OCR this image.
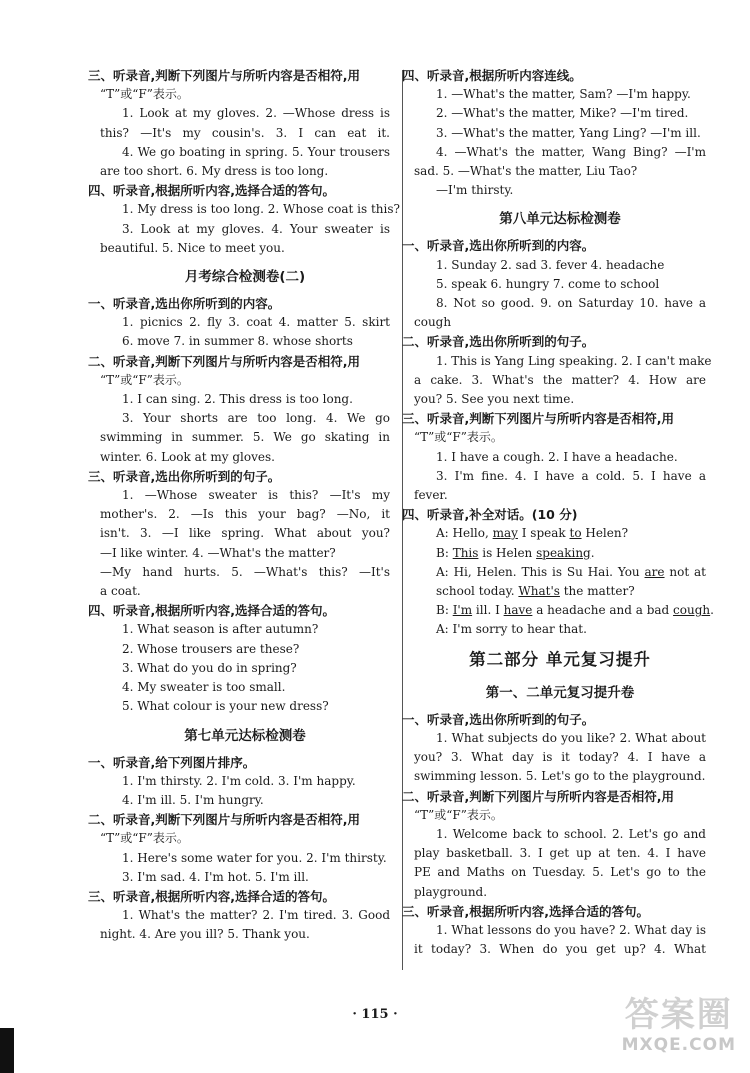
三、听录音,判断下列图片与所听内容是否相符,用
“T”或“F”表示。
1. Look at my gloves. 2. —Whose dress is
this? —It's my cousin's. 3. I can eat it.
4. We go boating in spring. 5. Your trousers
are too short. 6. My dress is too long.
四、听录音,根据所听内容,选择合适的答句。
1. My dress is too long. 2. Whose coat is this?
3. Look at my gloves. 4. Your sweater is
beautiful. 5. Nice to meet you.
月考综合检测卷(二)
一、听录音,选出你所听到的内容。
1. picnics 2. fly 3. coat 4. matter 5. skirt
6. move 7. in summer 8. whose shorts
二、听录音,判断下列图片与所听内容是否相符,用
“T”或“F”表示。
1. I can sing. 2. This dress is too long.
3. Your shorts are too long. 4. We go
swimming in summer. 5. We go skating in
winter. 6. Look at my gloves.
三、听录音,选出你所听到的句子。
1. —Whose sweater is this? —It's my
mother's. 2. —Is this your bag? —No, it
isn't. 3. —I like spring. What about you?
—I like winter. 4. —What's the matter?
—My hand hurts. 5. —What's this? —It's
a coat.
四、听录音,根据所听内容,选择合适的答句。
1. What season is after autumn?
2. Whose trousers are these?
3. What do you do in spring?
4. My sweater is too small.
5. What colour is your new dress?
第七单元达标检测卷
一、听录音,给下列图片排序。
1. I'm thirsty. 2. I'm cold. 3. I'm happy.
4. I'm ill. 5. I'm hungry.
二、听录音,判断下列图片与所听内容是否相符,用
“T”或“F”表示。
1. Here's some water for you. 2. I'm thirsty.
3. I'm sad. 4. I'm hot. 5. I'm ill.
三、听录音,根据所听内容,选择合适的答句。
1. What's the matter? 2. I'm tired. 3. Good
night. 4. Are you ill? 5. Thank you.
四、听录音,根据所听内容连线。
1. —What's the matter, Sam? —I'm happy.
2. —What's the matter, Mike? —I'm tired.
3. —What's the matter, Yang Ling? —I'm ill.
4. —What's the matter, Wang Bing? —I'm
sad. 5. —What's the matter, Liu Tao?
—I'm thirsty.
第八单元达标检测卷
一、听录音,选出你所听到的内容。
1. Sunday 2. sad 3. fever 4. headache
5. speak 6. hungry 7. come to school
8. Not so good. 9. on Saturday 10. have a
cough
二、听录音,选出你所听到的句子。
1. This is Yang Ling speaking. 2. I can't make
a cake. 3. What's the matter? 4. How are
you? 5. See you next time.
三、听录音,判断下列图片与所听内容是否相符,用
“T”或“F”表示。
1. I have a cough. 2. I have a headache.
3. I'm fine. 4. I have a cold. 5. I have a
fever.
四、听录音,补全对话。(10 分)
A: Hello, may I speak to Helen?
B: This is Helen speaking.
A: Hi, Helen. This is Su Hai. You are not at
school today. What's the matter?
B: I'm ill. I have a headache and a bad cough.
A: I'm sorry to hear that.
第二部分 单元复习提升
第一、二单元复习提升卷
一、听录音,选出你所听到的句子。
1. What subjects do you like? 2. What about
you? 3. What day is it today? 4. I have a
swimming lesson. 5. Let's go to the playground.
二、听录音,判断下列图片与所听内容是否相符,用
“T”或“F”表示。
1. Welcome back to school. 2. Let's go and
play basketball. 3. I get up at ten. 4. I have
PE and Maths on Tuesday. 5. Let's go to the
playground.
三、听录音,根据所听内容,选择合适的答句。
1. What lessons do you have? 2. What day is
it today? 3. When do you get up? 4. What
· 115 ·	答案圈
MXQE.COM
